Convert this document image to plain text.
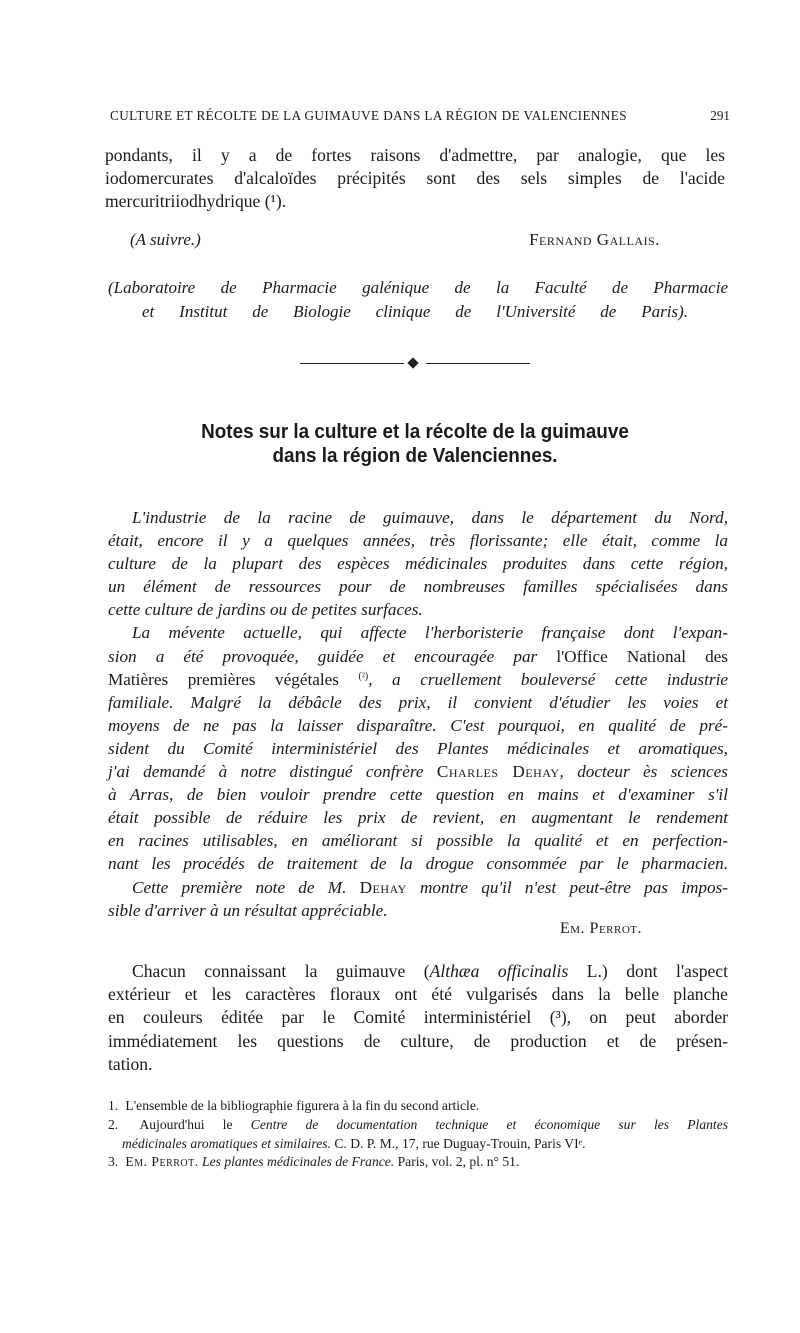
CULTURE ET RÉCOLTE DE LA GUIMAUVE DANS LA RÉGION DE VALENCIENNES	291
pondants, il y a de fortes raisons d'admettre, par analogie, que les
iodomercurates d'alcaloïdes précipités sont des sels simples de l'acide
mercuritriiodhydrique (¹).
(A suivre.)	Fernand Gallais.
(Laboratoire de Pharmacie galénique de la Faculté de Pharmacie
et Institut de Biologie clinique de l'Université de Paris).
Notes sur la culture et la récolte de la guimauve
dans la région de Valenciennes.
L'industrie de la racine de guimauve, dans le département du Nord,
était, encore il y a quelques années, très florissante; elle était, comme la
culture de la plupart des espèces médicinales produites dans cette région,
un élément de ressources pour de nombreuses familles spécialisées dans
cette culture de jardins ou de petites surfaces.
La mévente actuelle, qui affecte l'herboristerie française dont l'expan-
sion a été provoquée, guidée et encouragée par l'Office National des
Matières premières végétales $^{(^2)}$, a cruellement bouleversé cette industrie
familiale. Malgré la débâcle des prix, il convient d'étudier les voies et
moyens de ne pas la laisser disparaître. C'est pourquoi, en qualité de pré-
sident du Comité interministériel des Plantes médicinales et aromatiques,
j'ai demandé à notre distingué confrère Charles Dehay, docteur ès sciences
à Arras, de bien vouloir prendre cette question en mains et d'examiner s'il
était possible de réduire les prix de revient, en augmentant le rendement
en racines utilisables, en améliorant si possible la qualité et en perfection-
nant les procédés de traitement de la drogue consommée par le pharmacien.
Cette première note de M. Dehay montre qu'il n'est peut-être pas impos-
sible d'arriver à un résultat appréciable.
Em. Perrot.
Chacun connaissant la guimauve (Althæa officinalis L.) dont l'aspect
extérieur et les caractères floraux ont été vulgarisés dans la belle planche
en couleurs éditée par le Comité interministériel (³), on peut aborder
immédiatement les questions de culture, de production et de présen-
tation.
1. L'ensemble de la bibliographie figurera à la fin du second article.
2. Aujourd'hui le Centre de documentation technique et économique sur les Plantes
médicinales aromatiques et similaires. C. D. P. M., 17, rue Duguay-Trouin, Paris VIᵉ.
3. Em. Perrot. Les plantes médicinales de France. Paris, vol. 2, pl. n° 51.
